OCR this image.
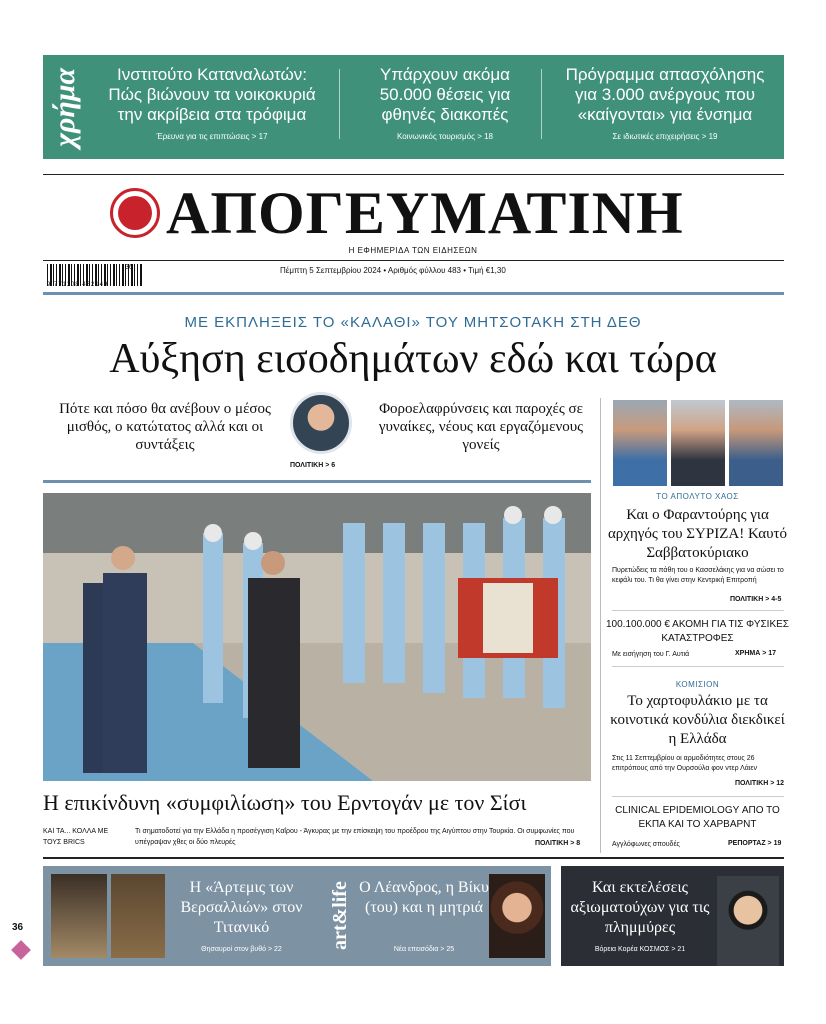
χρήμα	Ινστιτούτο Καταναλωτών: Πώς βιώνουν τα νοικοκυριά την ακρίβεια στα τρόφιμα
Έρευνα για τις επιπτώσεις > 17
Υπάρχουν ακόμα 50.000 θέσεις για φθηνές διακοπές
Κοινωνικός τουρισμός > 18
Πρόγραμμα απασχόλησης για 3.000 ανέργους που «καίγονται» για ένσημα
Σε ιδιωτικές επιχειρήσεις > 19
ΑΠΟΓΕΥΜΑΤΙΝΗ
Η ΕΦΗΜΕΡΙΔΑ ΤΩΝ ΕΙΔΗΣΕΩΝ
9 771108 462149
36	Πέμπτη 5 Σεπτεμβρίου 2024 • Αριθμός φύλλου 483 • Τιμή €1,30
ΜΕ ΕΚΠΛΗΞΕΙΣ ΤΟ «ΚΑΛΑΘΙ» ΤΟΥ ΜΗΤΣΟΤΑΚΗ ΣΤΗ ΔΕΘ
Αύξηση εισοδημάτων εδώ και τώρα
Πότε και πόσο θα ανέβουν ο μέσος μισθός, ο κατώτατος αλλά και οι συντάξεις
ΠΟΛΙΤΙΚΗ > 6
Φοροελαφρύνσεις και παροχές σε γυναίκες, νέους και εργαζόμενους γονείς
Η επικίνδυνη «συμφιλίωση» του Ερντογάν με τον Σίσι
ΚΑΙ ΤΑ... ΚΟΛΛΑ ΜΕ ΤΟΥΣ BRICS
Τι σηματοδοτεί για την Ελλάδα η προσέγγιση Καΐρου - Άγκυρας με την επίσκεψη του προέδρου της Αιγύπτου στην Τουρκία. Οι συμφωνίες που υπέγραψαν χθες οι δύο πλευρές	ΠΟΛΙΤΙΚΗ > 8
ΤΟ ΑΠΟΛΥΤΟ ΧΑΟΣ
Και ο Φαραντούρης για αρχηγός του ΣΥΡΙΖΑ! Καυτό Σαββατοκύριακο
Πυρετώδεις τα πάθη του ο Κασσελάκης για να σώσει το κεφάλι του. Τι θα γίνει στην Κεντρική Επιτροπή
ΠΟΛΙΤΙΚΗ > 4-5
100.100.000 € ΑΚΟΜΗ ΓΙΑ ΤΙΣ ΦΥΣΙΚΕΣ ΚΑΤΑΣΤΡΟΦΕΣ
Με εισήγηση του Γ. Αυτιά	ΧΡΗΜΑ > 17
ΚΟΜΙΣΙΟΝ
Το χαρτοφυλάκιο με τα κοινοτικά κονδύλια διεκδικεί η Ελλάδα
Στις 11 Σεπτεμβρίου οι αρμοδιότητες στους 26 επιτρόπους από την Ουρσούλα φον ντερ Λάιεν
ΠΟΛΙΤΙΚΗ > 12
CLINICAL EPIDEMIOLOGY ΑΠΟ ΤΟ ΕΚΠΑ ΚΑΙ ΤΟ ΧΑΡΒΑΡΝΤ
Αγγλόφωνες σπουδές	ΡΕΠΟΡΤΑΖ > 19
Η «Άρτεμις των Βερσαλλιών» στον Τιτανικό
Θησαυροί στον βυθό > 22	art&life Ο Λέανδρος, η Βίκυ (του) και η μητριά
Νέα επεισόδια > 25
Και εκτελέσεις αξιωματούχων για τις πλημμύρες
Βόρεια Κορέα ΚΟΣΜΟΣ > 21
36
